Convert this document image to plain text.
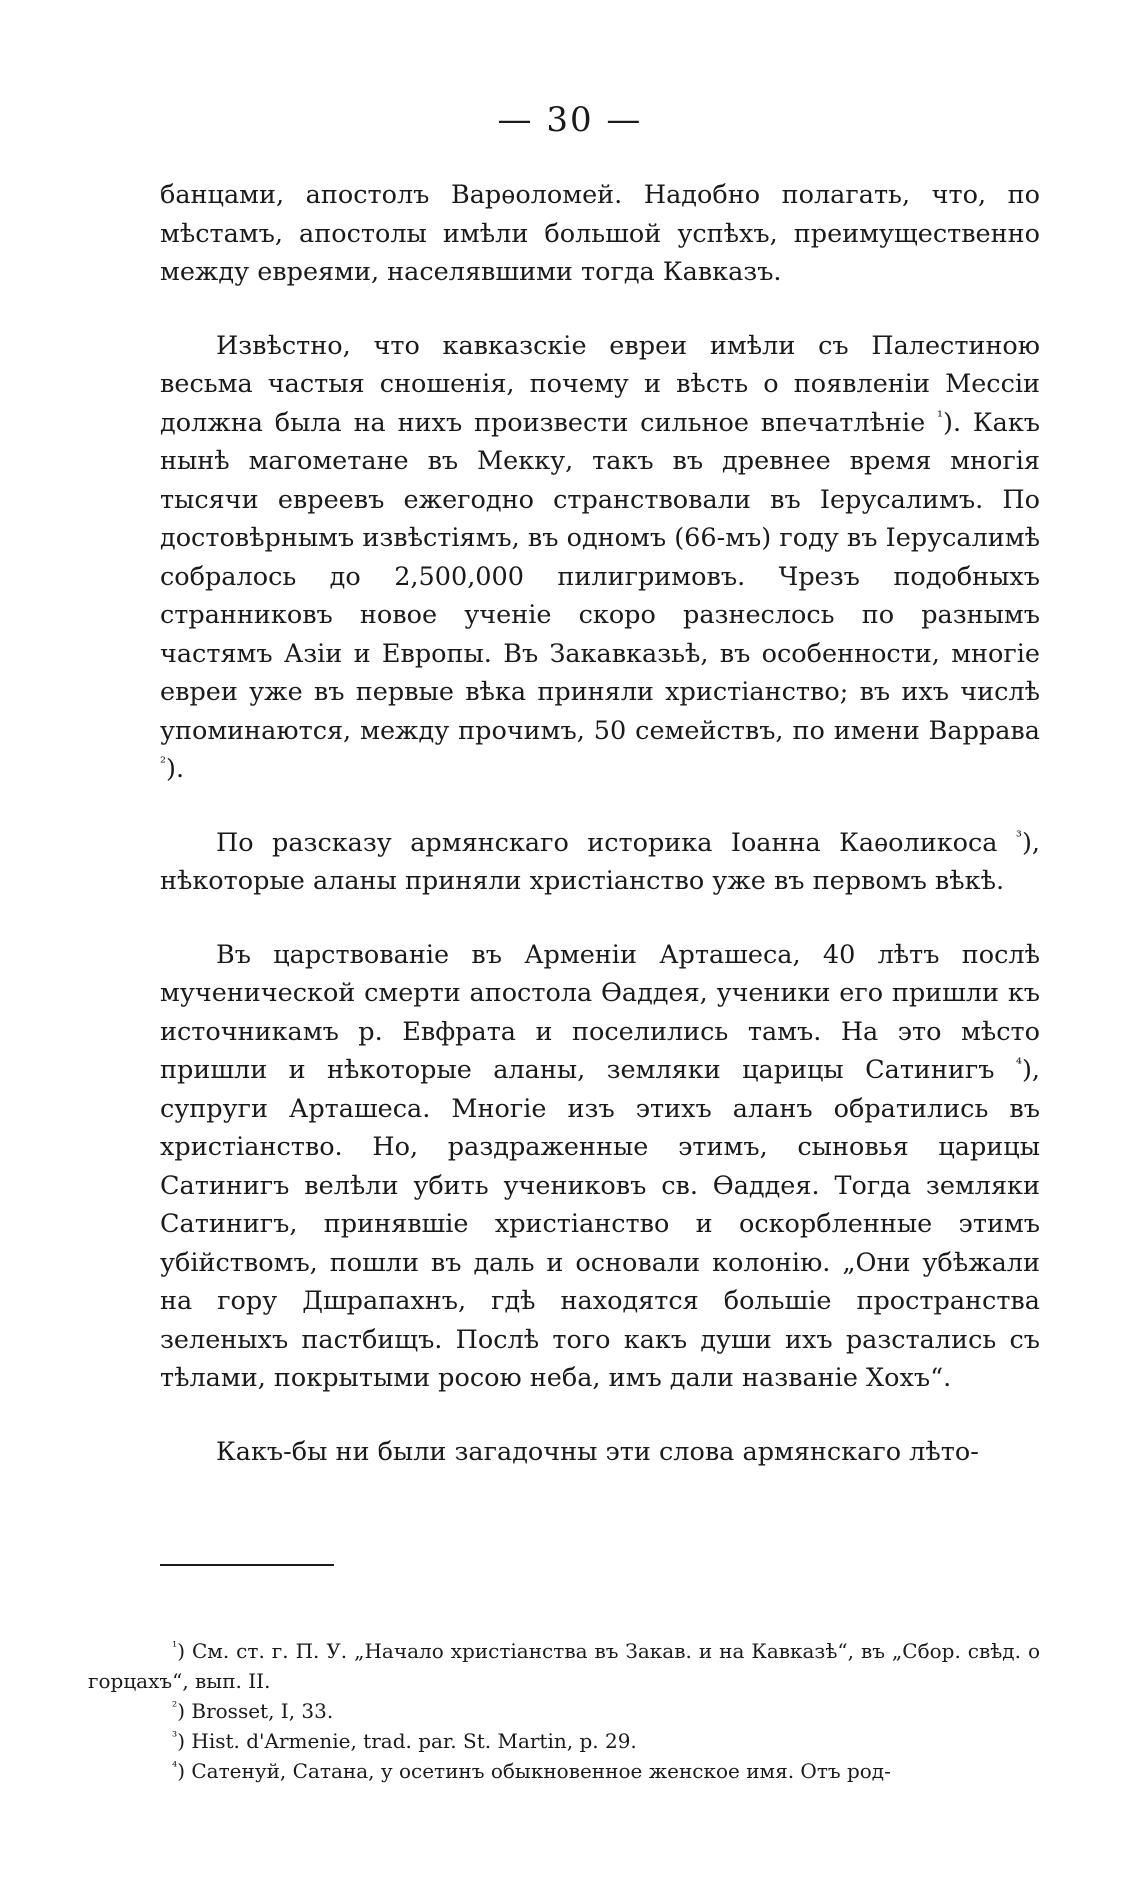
— 30 —

банцами, апостолъ Варѳоломей. Надобно полагать, что, по мѣстамъ, апостолы имѣли большой успѣхъ, преимущественно между евреями, населявшими тогда Кавказъ.

Извѣстно, что кавказскіе евреи имѣли съ Палестиною весьма частыя сношенія, почему и вѣсть о появленіи Мессіи должна была на нихъ произвести сильное впечатлѣніе $^{^1}$). Какъ нынѣ магометане въ Мекку, такъ въ древнее время многія тысячи евреевъ ежегодно странствовали въ Іерусалимъ. По достовѣрнымъ извѣстіямъ, въ одномъ (66-мъ) году въ Іерусалимѣ собралось до 2,500,000 пилигримовъ. Чрезъ подобныхъ странниковъ новое ученіе скоро разнеслось по разнымъ частямъ Азіи и Европы. Въ Закавказьѣ, въ особенности, многіе евреи уже въ первые вѣка приняли христіанство; въ ихъ числѣ упоминаются, между прочимъ, 50 семействъ, по имени Варрава $^{^2}$).

По разсказу армянскаго историка Іоанна Каѳоликоса $^{^3}$), нѣкоторые аланы приняли христіанство уже въ первомъ вѣкѣ.

Въ царствованіе въ Арменіи Арташеса, 40 лѣтъ послѣ мученической смерти апостола Ѳаддея, ученики его пришли къ источникамъ р. Евфрата и поселились тамъ. На это мѣсто пришли и нѣкоторые аланы, земляки царицы Сатинигъ $^{^4}$), супруги Арташеса. Многіе изъ этихъ аланъ обратились въ христіанство. Но, раздраженные этимъ, сыновья царицы Сатинигъ велѣли убить учениковъ св. Ѳаддея. Тогда земляки Сатинигъ, принявшіе христіанство и оскорбленные этимъ убійствомъ, пошли въ даль и основали колонію. „Они убѣжали на гору Дшрапахнъ, гдѣ находятся большіе пространства зеленыхъ пастбищъ. Послѣ того какъ души ихъ разстались съ тѣлами, покрытыми росою неба, имъ дали названіе Хохъ“.

Какъ-бы ни были загадочны эти слова армянскаго лѣто-

$^{^1}$) См. ст. г. П. У. „Начало христіанства въ Закав. и на Кавказѣ“, въ „Сбор. свѣд. о горцахъ“, вып. II.

$^{^2}$) Brosset, I, 33.

$^{^3}$) Hist. d'Armenie, trad. par. St. Martin, p. 29.

$^{^4}$) Сатенуй, Сатана, у осетинъ обыкновенное женское имя. Отъ род-
